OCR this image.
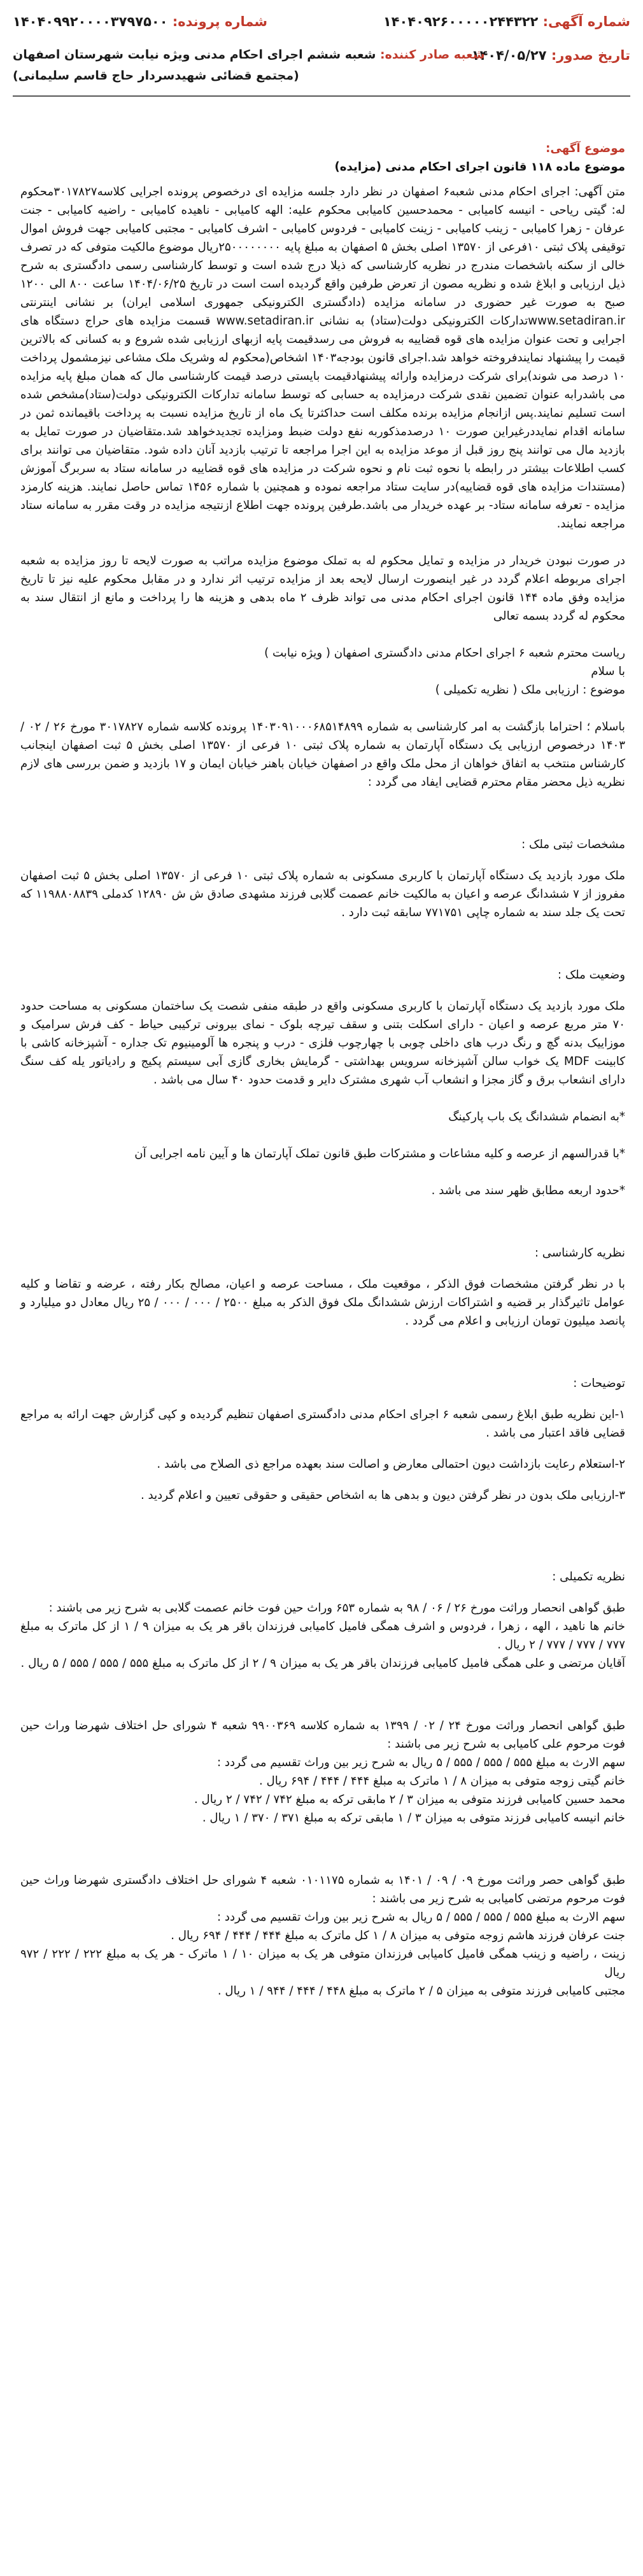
شماره آگهی: ۱۴۰۴۰۹۲۶۰۰۰۰۰۲۴۴۳۲۲
شماره پرونده: ۱۴۰۴۰۹۹۲۰۰۰۰۳۷۹۷۵۰۰
تاریخ صدور: ۱۴۰۴/۰۵/۲۷
شعبه صادر کننده: شعبه ششم اجرای احکام مدنی ویژه نیابت شهرستان اصفهان
(مجتمع قضائی شهیدسردار حاج قاسم سلیمانی)

موضوع آگهی:
موضوع ماده ۱۱۸ قانون اجرای احکام مدنی (مزایده)

متن آگهی: اجرای احکام مدنی شعبه۶ اصفهان در نظر دارد جلسه مزایده ای درخصوص پرونده اجرایی کلاسه۳۰۱۷۸۲۷محکوم له: گیتی ریاحی - انیسه کامیابی - محمدحسین کامیابی محکوم علیه: الهه کامیابی - ناهیده کامیابی - راضیه کامیابی - جنت عرفان - زهرا کامیابی - زینب کامیابی - زینت کامیابی - فردوس کامیابی - اشرف کامیابی - مجتبی کامیابی جهت فروش اموال توقیفی پلاک ثبتی ۱۰فرعی از ۱۳۵۷۰ اصلی بخش ۵ اصفهان به مبلغ پایه ۲۵۰۰۰۰۰۰۰۰ریال موضوع مالکیت متوفی که در تصرف خالی از سکنه باشخصات مندرج در نظریه کارشناسی که ذیلا درج شده است و توسط کارشناسی رسمی دادگستری به شرح ذیل ارزیابی و ابلاغ شده و نظریه مصون از تعرض طرفین واقع گردیده است است در تاریخ ۱۴۰۴/۰۶/۲۵ ساعت ۸۰۰ الی ۱۲۰۰ صبح به صورت غیر حضوری در سامانه مزایده (دادگستری الکترونیکی جمهوری اسلامی ایران) بر نشانی اینترنتی www.setadiran.irتدارکات الکترونیکی دولت(ستاد) به نشانی www.setadiran.ir قسمت مزایده های حراج دستگاه های اجرایی و تحت عنوان مزایده های قوه قضاییه به فروش می رسدقیمت پایه ازبهای ارزیابی شده شروع و به کسانی که بالاترین قیمت را پیشنهاد نمایندفروخته خواهد شد.اجرای قانون بودجه۱۴۰۳ اشخاص(محکوم له وشریک ملک مشاعی نیزمشمول پرداخت ۱۰ درصد می شوند)برای شرکت درمزایده وارائه پیشنهادقیمت بایستی درصد قیمت کارشناسی مال که همان مبلغ پایه مزایده می باشدرابه عنوان تضمین نقدی شرکت درمزایده به حسابی که توسط سامانه تدارکات الکترونیکی دولت(ستاد)مشخص شده است تسلیم نمایند.پس ازانجام مزایده برنده مکلف است حداکثرتا یک ماه از تاریخ مزایده نسبت به پرداخت باقیمانده ثمن در سامانه اقدام نمایددرغیراین صورت ۱۰ درصدمذکوربه نفع دولت ضبط ومزایده تجدیدخواهد شد.متقاضیان در صورت تمایل به بازدید مال می توانند پنج روز قبل از موعد مزایده به این اجرا مراجعه تا ترتیب بازدید آنان داده شود. متقاضیان می توانند برای کسب اطلاعات بیشتر در رابطه با نحوه ثبت نام و نحوه شرکت در مزایده های قوه قضاییه در سامانه ستاد به سربرگ آموزش (مستندات مزایده های قوه قضاییه)در سایت ستاد مراجعه نموده و همچنین با شماره ۱۴۵۶ تماس حاصل نمایند. هزینه کارمزد مزایده - تعرفه سامانه ستاد- بر عهده خریدار می باشد.طرفین پرونده جهت اطلاع ازنتیجه مزایده در وقت مقرر به سامانه ستاد مراجعه نمایند.

در صورت نبودن خریدار در مزایده و تمایل محکوم له به تملک موضوع مزایده مراتب به صورت لایحه تا روز مزایده به شعبه اجرای مربوطه اعلام گردد در غیر اینصورت ارسال لایحه بعد از مزایده ترتیب اثر ندارد و در مقابل محکوم علیه نیز تا تاریخ مزایده وفق ماده ۱۴۴ قانون اجرای احکام مدنی می تواند ظرف ۲ ماه بدهی و هزینه ها را پرداخت و مانع از انتقال سند به محکوم له گردد بسمه تعالی

ریاست محترم شعبه ۶ اجرای احکام مدنی دادگستری اصفهان ( ویژه نیابت )

با سلام

موضوع : ارزیابی ملک ( نظریه تکمیلی )

باسلام ؛ احتراما بازگشت به امر کارشناسی به شماره ۱۴۰۳۰۹۱۰۰۰۶۸۵۱۴۸۹۹ پرونده کلاسه شماره ۳۰۱۷۸۲۷ مورخ ۲۶ / ۰۲ / ۱۴۰۳ درخصوص ارزیابی یک دستگاه آپارتمان به شماره پلاک ثبتی ۱۰ فرعی از ۱۳۵۷۰ اصلی بخش ۵ ثبت اصفهان اینجانب کارشناس منتخب به اتفاق خواهان از محل ملک واقع در اصفهان خیابان باهنر خیابان ایمان و ۱۷ بازدید و ضمن بررسی های لازم نظریه ذیل محضر مقام محترم قضایی ایفاد می گردد :

مشخصات ثبتی ملک :

ملک مورد بازدید یک دستگاه آپارتمان با کاربری مسکونی به شماره پلاک ثبتی ۱۰ فرعی از ۱۳۵۷۰ اصلی بخش ۵ ثبت اصفهان مفروز از ۷ ششدانگ عرصه و اعیان به مالکیت خانم عصمت گلابی فرزند مشهدی صادق ش ش ۱۲۸۹۰ کدملی ۱۱۹۸۸۰۸۸۳۹ که تحت یک جلد سند به شماره چاپی ۷۷۱۷۵۱ سابقه ثبت دارد .

وضعیت ملک :

ملک مورد بازدید یک دستگاه آپارتمان با کاربری مسکونی واقع در طبقه منفی شصت یک ساختمان مسکونی به مساحت حدود ۷۰ متر مربع عرصه و اعیان - دارای اسکلت بتنی و سقف تیرچه بلوک - نمای بیرونی ترکیبی حیاط - کف فرش سرامیک و موزاییک بدنه گچ و رنگ درب های داخلی چوبی با چهارچوب فلزی - درب و پنجره ها آلومینیوم تک جداره - آشپزخانه کاشی با کابینت MDF یک خواب سالن آشپزخانه سرویس بهداشتی - گرمایش بخاری گازی آبی سیستم پکیج و رادیاتور یله کف سنگ دارای انشعاب برق و گاز مجزا و انشعاب آب شهری مشترک دایر و قدمت حدود ۴۰ سال می باشد .

*به انضمام ششدانگ یک باب پارکینگ

*با قدرالسهم از عرصه و کلیه مشاعات و مشترکات طبق قانون تملک آپارتمان ها و آیین نامه اجرایی آن

*حدود اربعه مطابق ظهر سند می باشد .

نظریه کارشناسی :

با در نظر گرفتن مشخصات فوق الذکر ، موقعیت ملک ، مساحت عرصه و اعیان، مصالح بکار رفته ، عرضه و تقاضا و کلیه عوامل تاثیرگذار بر قضیه و اشتراکات ارزش ششدانگ ملک فوق الذکر به مبلغ ۲۵۰۰ / ۰۰۰ / ۰۰۰ / ۲۵ ریال معادل دو میلیارد و پانصد میلیون تومان ارزیابی و اعلام می گردد .

توضیحات :

۱-این نظریه طبق ابلاغ رسمی شعبه ۶ اجرای احکام مدنی دادگستری اصفهان تنظیم گردیده و کپی گزارش جهت ارائه به مراجع قضایی فاقد اعتبار می باشد .

۲-استعلام رعایت بازداشت دیون احتمالی معارض و اصالت سند بعهده مراجع ذی الصلاح می باشد .

۳-ارزیابی ملک بدون در نظر گرفتن دیون و بدهی ها به اشخاص حقیقی و حقوقی تعیین و اعلام گردید .

نظریه تکمیلی :

طبق گواهی انحصار وراثت مورخ ۲۶ / ۰۶ / ۹۸ به شماره ۶۵۳ وراث حین فوت خانم عصمت گلابی به شرح زیر می باشند :
خانم ها ناهید ، الهه ، زهرا ، فردوس و اشرف همگی فامیل کامیابی فرزندان باقر هر یک به میزان ۹ / ۱ از کل ماترک به مبلغ ۷۷۷ / ۷۷۷ / ۷۷۷ / ۲ ریال .
آقایان مرتضی و علی همگی فامیل کامیابی فرزندان باقر هر یک به میزان ۹ / ۲ از کل ماترک به مبلغ ۵۵۵ / ۵۵۵ / ۵۵۵ / ۵ ریال .

طبق گواهی انحصار وراثت مورخ ۲۴ / ۰۲ / ۱۳۹۹ به شماره کلاسه ۹۹۰۰۳۶۹ شعبه ۴ شورای حل اختلاف شهرضا وراث حین فوت مرحوم علی کامیابی به شرح زیر می باشند :
سهم الارث به مبلغ ۵۵۵ / ۵۵۵ / ۵۵۵ / ۵ ریال به شرح زیر بین وراث تقسیم می گردد :
خانم گیتی زوجه متوفی به میزان ۸ / ۱ ماترک به مبلغ ۴۴۴ / ۴۴۴ / ۶۹۴ ریال .
محمد حسین کامیابی فرزند متوفی به میزان ۳ / ۲ مابقی ترکه به مبلغ ۷۴۲ / ۷۴۲ / ۲ ریال .
خانم انیسه کامیابی فرزند متوفی به میزان ۳ / ۱ مابقی ترکه به مبلغ ۳۷۱ / ۳۷۰ / ۱ ریال .

طبق گواهی حصر وراثت مورخ ۰۹ / ۰۹ / ۱۴۰۱ به شماره ۰۱۰۱۱۷۵ شعبه ۴ شورای حل اختلاف دادگستری شهرضا وراث حین فوت مرحوم مرتضی کامیابی به شرح زیر می باشند :
سهم الارث به مبلغ ۵۵۵ / ۵۵۵ / ۵۵۵ / ۵ ریال به شرح زیر بین وراث تقسیم می گردد :
جنت عرفان فرزند هاشم زوجه متوفی به میزان ۸ / ۱ کل ماترک به مبلغ ۴۴۴ / ۴۴۴ / ۶۹۴ ریال .
زینت ، راضیه و زینب همگی فامیل کامیابی فرزندان متوفی هر یک به میزان ۱۰ / ۱ ماترک - هر یک به مبلغ ۲۲۲ / ۲۲۲ / ۹۷۲ ریال
مجتبی کامیابی فرزند متوفی به میزان ۵ / ۲ ماترک به مبلغ ۴۴۸ / ۴۴۴ / ۹۴۴ / ۱ ریال .
